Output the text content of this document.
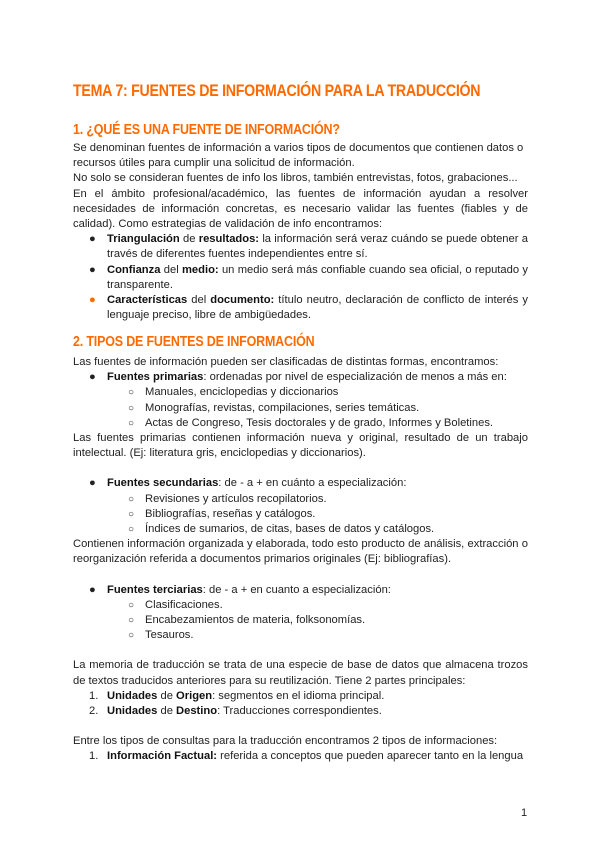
TEMA 7: FUENTES DE INFORMACIÓN PARA LA TRADUCCIÓN
1. ¿QUÉ ES UNA FUENTE DE INFORMACIÓN?

Se denominan fuentes de información a varios tipos de documentos que contienen datos o

recursos útiles para cumplir una solicitud de información.

No solo se consideran fuentes de info los libros, también entrevistas, fotos, grabaciones...

En el ámbito profesional/académico, las fuentes de información ayudan a resolver necesidades de información concretas, es necesario validar las fuentes (fiables y de calidad). Como estrategias de validación de info encontramos:

● Triangulación de resultados: la información será veraz cuándo se puede obtener a través de diferentes fuentes independientes entre sí.
● Confianza del medio: un medio será más confiable cuando sea oficial, o reputado y transparente.
● Características del documento: título neutro, declaración de conflicto de interés y lenguaje preciso, libre de ambigüedades.
2. TIPOS DE FUENTES DE INFORMACIÓN

Las fuentes de información pueden ser clasificadas de distintas formas, encontramos:

● Fuentes primarias: ordenadas por nivel de especialización de menos a más en:
○ Manuales, enciclopedias y diccionarios
○ Monografías, revistas, compilaciones, series temáticas.
○ Actas de Congreso, Tesis doctorales y de grado, Informes y Boletines.

Las fuentes primarias contienen información nueva y original, resultado de un trabajo intelectual. (Ej: literatura gris, enciclopedias y diccionarios).

● Fuentes secundarias: de - a + en cuánto a especialización:
○ Revisiones y artículos recopilatorios.
○ Bibliografías, reseñas y catálogos.
○ Índices de sumarios, de citas, bases de datos y catálogos.

Contienen información organizada y elaborada, todo esto producto de análisis, extracción o reorganización referida a documentos primarios originales (Ej: bibliografías).

● Fuentes terciarias: de - a + en cuanto a especialización:
○ Clasificaciones.
○ Encabezamientos de materia, folksonomías.
○ Tesauros.

La memoria de traducción se trata de una especie de base de datos que almacena trozos de textos traducidos anteriores para su reutilización. Tiene 2 partes principales:

1. Unidades de Origen: segmentos en el idioma principal.
2. Unidades de Destino: Traducciones correspondientes.

Entre los tipos de consultas para la traducción encontramos 2 tipos de informaciones:

1. Información Factual: referida a conceptos que pueden aparecer tanto en la lengua
1
